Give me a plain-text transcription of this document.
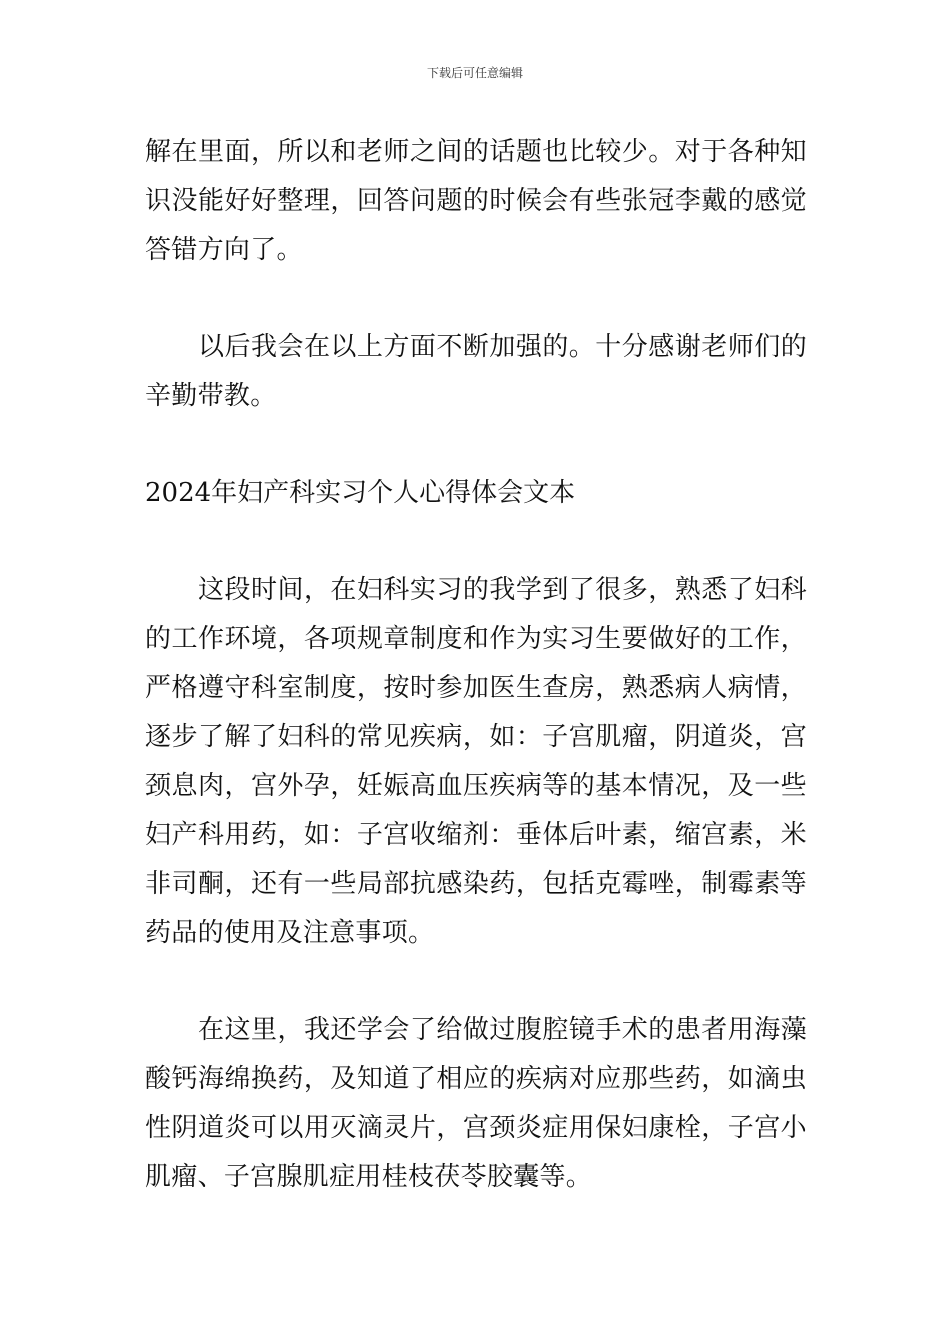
下载后可任意编辑

解在里面，所以和老师之间的话题也比较少。对于各种知识没能好好整理，回答问题的时候会有些张冠李戴的感觉答错方向了。

以后我会在以上方面不断加强的。十分感谢老师们的辛勤带教。

2024年妇产科实习个人心得体会文本

这段时间，在妇科实习的我学到了很多，熟悉了妇科的工作环境，各项规章制度和作为实习生要做好的工作，严格遵守科室制度，按时参加医生查房，熟悉病人病情，逐步了解了妇科的常见疾病，如：子宫肌瘤，阴道炎，宫颈息肉，宫外孕，妊娠高血压疾病等的基本情况，及一些妇产科用药，如：子宫收缩剂：垂体后叶素，缩宫素，米非司酮，还有一些局部抗感染药，包括克霉唑，制霉素等药品的使用及注意事项。

在这里，我还学会了给做过腹腔镜手术的患者用海藻酸钙海绵换药，及知道了相应的疾病对应那些药，如滴虫性阴道炎可以用灭滴灵片，宫颈炎症用保妇康栓，子宫小肌瘤、子宫腺肌症用桂枝茯苓胶囊等。
